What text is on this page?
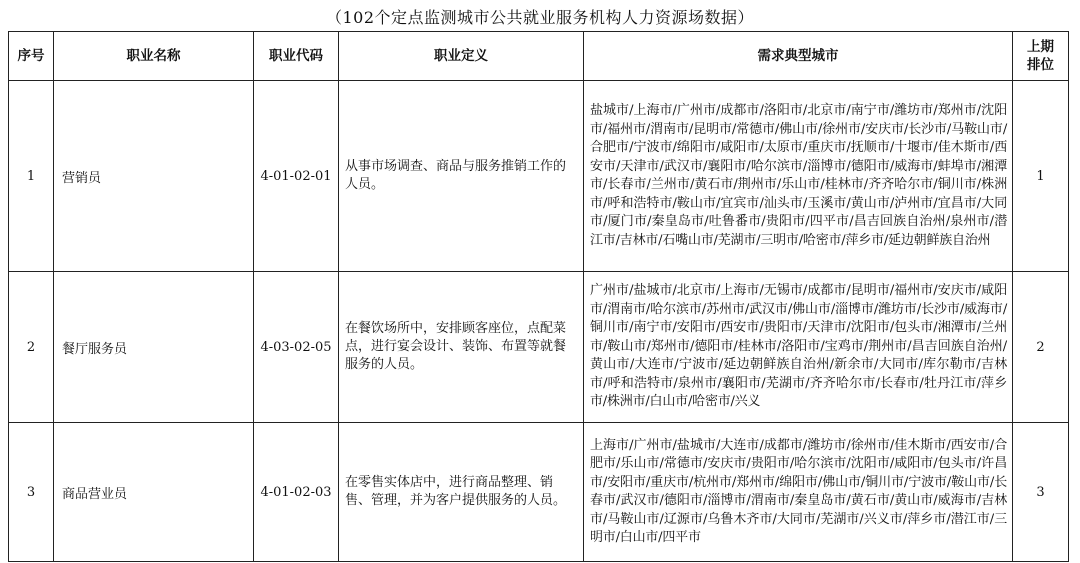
（102个定点监测城市公共就业服务机构人力资源场数据）
序号	职业名称	职业代码	职业定义	需求典型城市	上期排位
1	营销员	4-01-02-01	从事市场调查、商品与服务推销工作的人员。	盐城市/上海市/广州市/成都市/洛阳市/北京市/南宁市/潍坊市/郑州市/沈阳市/福州市/渭南市/昆明市/常德市/佛山市/徐州市/安庆市/长沙市/马鞍山市/合肥市/宁波市/绵阳市/咸阳市/太原市/重庆市/抚顺市/十堰市/佳木斯市/西安市/天津市/武汉市/襄阳市/哈尔滨市/淄博市/德阳市/威海市/蚌埠市/湘潭市/长春市/兰州市/黄石市/荆州市/乐山市/桂林市/齐齐哈尔市/铜川市/株洲市/呼和浩特市/鞍山市/宜宾市/汕头市/玉溪市/黄山市/泸州市/宜昌市/大同市/厦门市/秦皇岛市/吐鲁番市/贵阳市/四平市/昌吉回族自治州/泉州市/潜江市/吉林市/石嘴山市/芜湖市/三明市/哈密市/萍乡市/延边朝鲜族自治州	1
2	餐厅服务员	4-03-02-05	在餐饮场所中，安排顾客座位，点配菜点，进行宴会设计、装饰、布置等就餐服务的人员。	广州市/盐城市/北京市/上海市/无锡市/成都市/昆明市/福州市/安庆市/咸阳市/渭南市/哈尔滨市/苏州市/武汉市/佛山市/淄博市/潍坊市/长沙市/威海市/铜川市/南宁市/安阳市/西安市/贵阳市/天津市/沈阳市/包头市/湘潭市/兰州市/鞍山市/郑州市/德阳市/桂林市/洛阳市/宝鸡市/荆州市/昌吉回族自治州/黄山市/大连市/宁波市/延边朝鲜族自治州/新余市/大同市/库尔勒市/吉林市/呼和浩特市/泉州市/襄阳市/芜湖市/齐齐哈尔市/长春市/牡丹江市/萍乡市/株洲市/白山市/哈密市/兴义	2
3	商品营业员	4-01-02-03	在零售实体店中，进行商品整理、销售、管理，并为客户提供服务的人员。	上海市/广州市/盐城市/大连市/成都市/潍坊市/徐州市/佳木斯市/西安市/合肥市/乐山市/常德市/安庆市/贵阳市/哈尔滨市/沈阳市/咸阳市/包头市/许昌市/安阳市/重庆市/杭州市/郑州市/绵阳市/佛山市/铜川市/宁波市/鞍山市/长春市/武汉市/德阳市/淄博市/渭南市/秦皇岛市/黄石市/黄山市/威海市/吉林市/马鞍山市/辽源市/乌鲁木齐市/大同市/芜湖市/兴义市/萍乡市/潜江市/三明市/白山市/四平市	3
